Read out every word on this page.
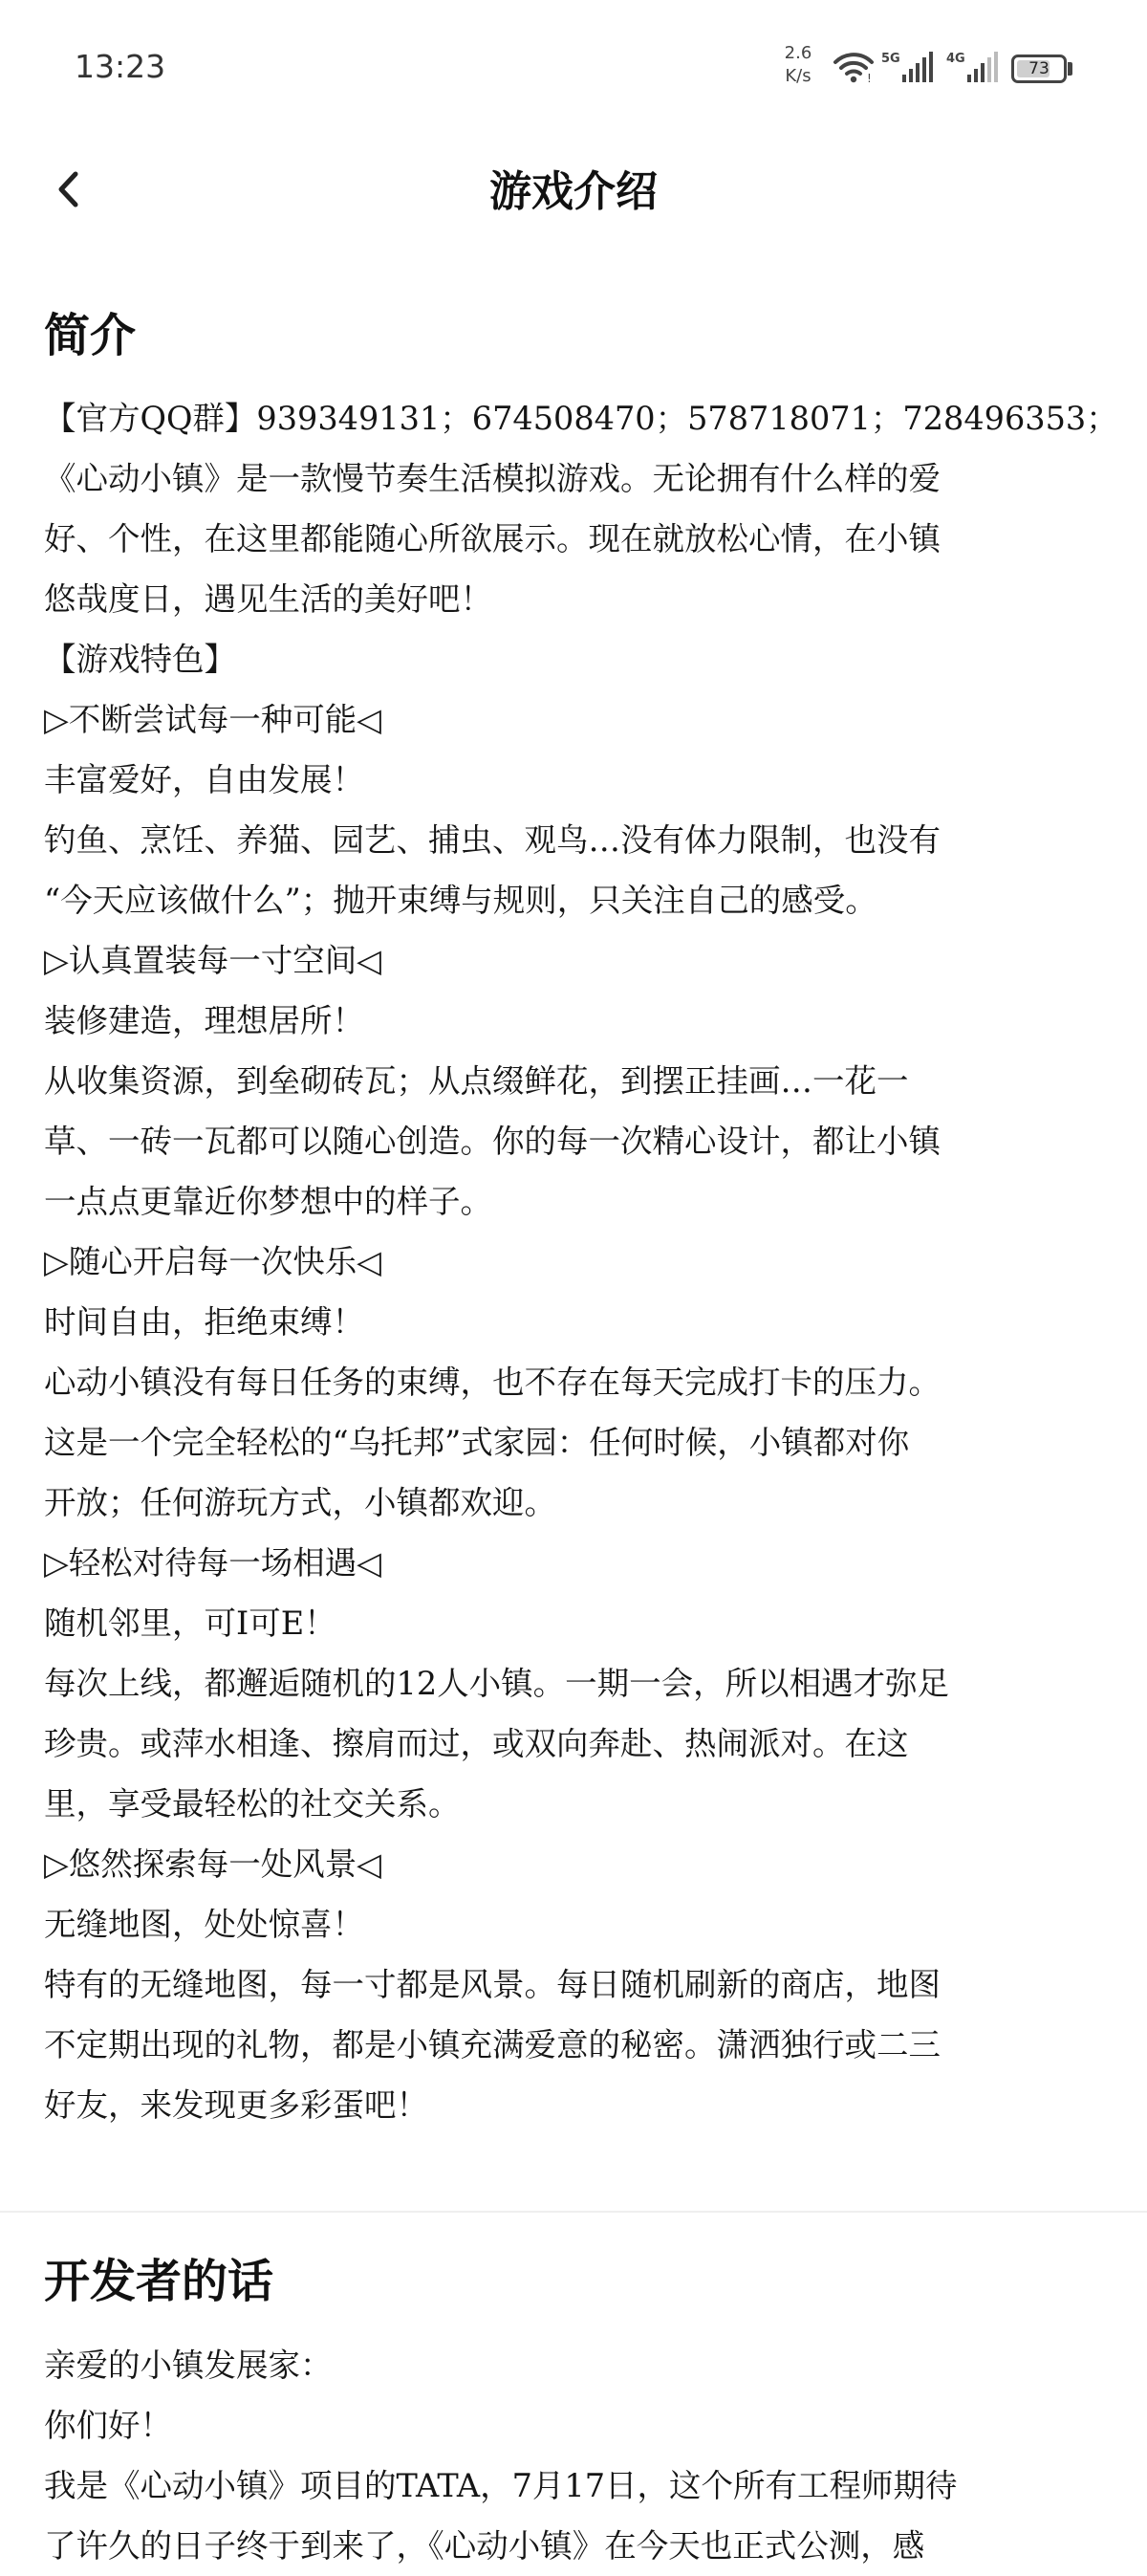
13:23	2.6
K/s	!
5G	4G
73
游戏介绍
简介

【官方QQ群】939349131；674508470；578718071；728496353；

《心动小镇》是一款慢节奏生活模拟游戏。无论拥有什么样的爱

好、个性，在这里都能随心所欲展示。现在就放松心情，在小镇

悠哉度日，遇见生活的美好吧！

【游戏特色】

▷不断尝试每一种可能◁

丰富爱好，自由发展！

钓鱼、烹饪、养猫、园艺、捕虫、观鸟…没有体力限制，也没有

“今天应该做什么”；抛开束缚与规则，只关注自己的感受。

▷认真置装每一寸空间◁

装修建造，理想居所！

从收集资源，到垒砌砖瓦；从点缀鲜花，到摆正挂画…一花一

草、一砖一瓦都可以随心创造。你的每一次精心设计，都让小镇

一点点更靠近你梦想中的样子。

▷随心开启每一次快乐◁

时间自由，拒绝束缚！

心动小镇没有每日任务的束缚，也不存在每天完成打卡的压力。

这是一个完全轻松的“乌托邦”式家园：任何时候，小镇都对你

开放；任何游玩方式，小镇都欢迎。

▷轻松对待每一场相遇◁

随机邻里，可I可E！

每次上线，都邂逅随机的12人小镇。一期一会，所以相遇才弥足

珍贵。或萍水相逢、擦肩而过，或双向奔赴、热闹派对。在这

里，享受最轻松的社交关系。

▷悠然探索每一处风景◁

无缝地图，处处惊喜！

特有的无缝地图，每一寸都是风景。每日随机刷新的商店，地图

不定期出现的礼物，都是小镇充满爱意的秘密。潇洒独行或二三

好友，来发现更多彩蛋吧！

开发者的话

亲爱的小镇发展家：

你们好！

我是《心动小镇》项目的TATA，7月17日，这个所有工程师期待

了许久的日子终于到来了，《心动小镇》在今天也正式公测，感
